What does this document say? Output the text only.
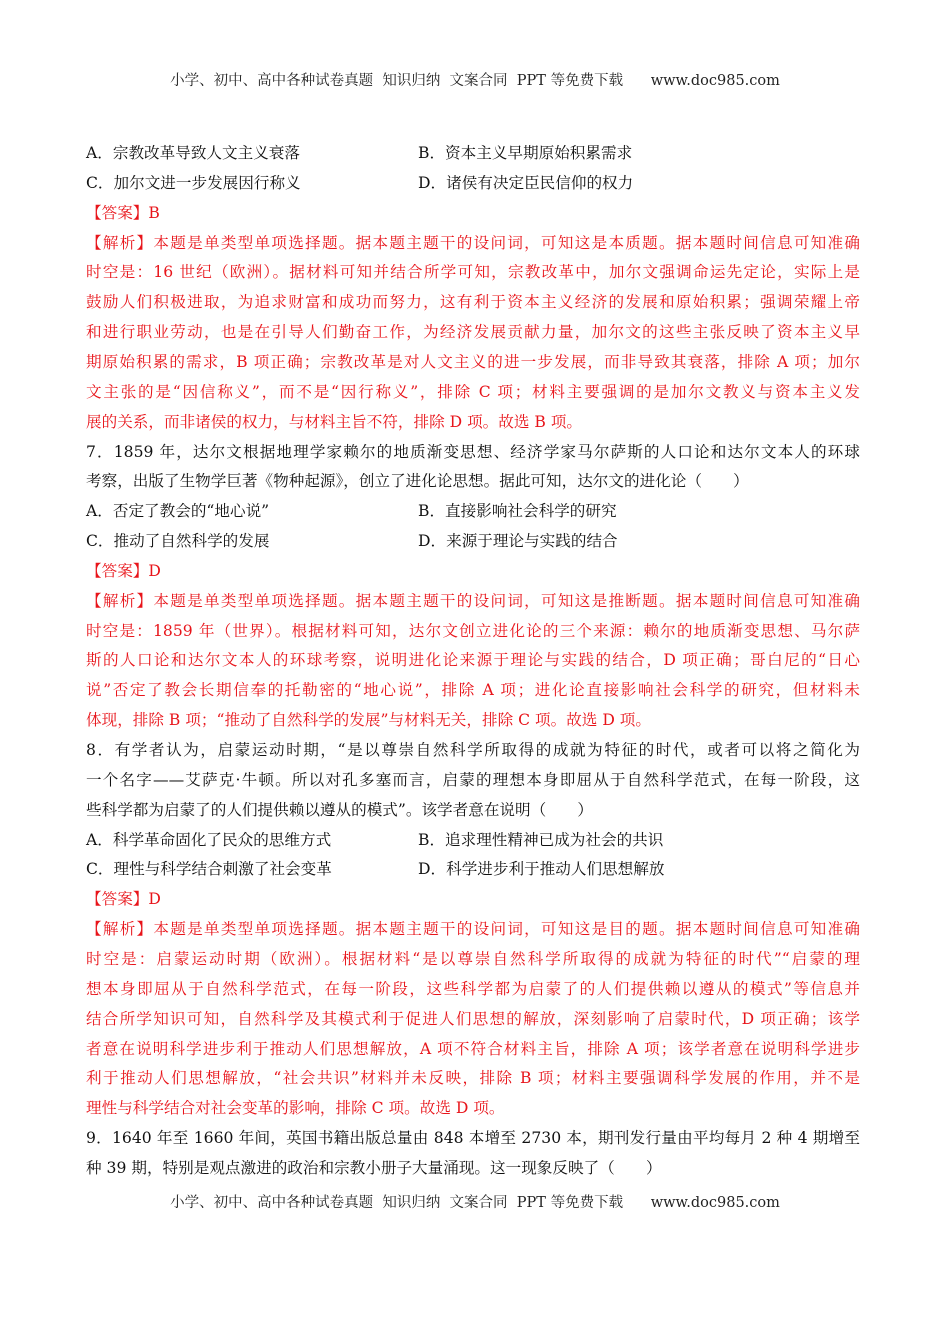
小学、初中、高中各种试卷真题  知识归纳  文案合同  PPT 等免费下载 www.doc985.com
A．宗教改革导致人文主义衰落	B．资本主义早期原始积累需求
C．加尔文进一步发展因行称义	D．诸侯有决定臣民信仰的权力
【答案】B
【解析】本题是单类型单项选择题。据本题主题干的设问词，可知这是本质题。据本题时间信息可知准确
时空是：16 世纪（欧洲）。据材料可知并结合所学可知，宗教改革中，加尔文强调命运先定论，实际上是
鼓励人们积极进取，为追求财富和成功而努力，这有利于资本主义经济的发展和原始积累；强调荣耀上帝
和进行职业劳动，也是在引导人们勤奋工作，为经济发展贡献力量，加尔文的这些主张反映了资本主义早
期原始积累的需求，B 项正确；宗教改革是对人文主义的进一步发展，而非导致其衰落，排除 A 项；加尔
文主张的是“因信称义”，而不是“因行称义”，排除 C 项；材料主要强调的是加尔文教义与资本主义发
展的关系，而非诸侯的权力，与材料主旨不符，排除 D 项。故选 B 项。
7．1859 年，达尔文根据地理学家赖尔的地质渐变思想、经济学家马尔萨斯的人口论和达尔文本人的环球
考察，出版了生物学巨著《物种起源》，创立了进化论思想。据此可知，达尔文的进化论（　　）
A．否定了教会的“地心说”	B．直接影响社会科学的研究
C．推动了自然科学的发展	D．来源于理论与实践的结合
【答案】D
【解析】本题是单类型单项选择题。据本题主题干的设问词，可知这是推断题。据本题时间信息可知准确
时空是：1859 年（世界）。根据材料可知，达尔文创立进化论的三个来源：赖尔的地质渐变思想、马尔萨
斯的人口论和达尔文本人的环球考察，说明进化论来源于理论与实践的结合，D 项正确；哥白尼的“日心
说”否定了教会长期信奉的托勒密的“地心说”，排除 A 项；进化论直接影响社会科学的研究，但材料未
体现，排除 B 项；“推动了自然科学的发展”与材料无关，排除 C 项。故选 D 项。
8．有学者认为，启蒙运动时期，“是以尊崇自然科学所取得的成就为特征的时代，或者可以将之简化为
一个名字——艾萨克·牛顿。所以对孔多塞而言，启蒙的理想本身即屈从于自然科学范式，在每一阶段，这
些科学都为启蒙了的人们提供赖以遵从的模式”。该学者意在说明（　　）
A．科学革命固化了民众的思维方式	B．追求理性精神已成为社会的共识
C．理性与科学结合刺激了社会变革	D．科学进步利于推动人们思想解放
【答案】D
【解析】本题是单类型单项选择题。据本题主题干的设问词，可知这是目的题。据本题时间信息可知准确
时空是：启蒙运动时期（欧洲）。根据材料“是以尊崇自然科学所取得的成就为特征的时代”“启蒙的理
想本身即屈从于自然科学范式，在每一阶段，这些科学都为启蒙了的人们提供赖以遵从的模式”等信息并
结合所学知识可知，自然科学及其模式利于促进人们思想的解放，深刻影响了启蒙时代，D 项正确；该学
者意在说明科学进步利于推动人们思想解放，A 项不符合材料主旨，排除 A 项；该学者意在说明科学进步
利于推动人们思想解放，“社会共识”材料并未反映，排除 B 项；材料主要强调科学发展的作用，并不是
理性与科学结合对社会变革的影响，排除 C 项。故选 D 项。
9．1640 年至 1660 年间，英国书籍出版总量由 848 本增至 2730 本，期刊发行量由平均每月 2 种 4 期增至
种 39 期，特别是观点激进的政治和宗教小册子大量涌现。这一现象反映了（　　）
小学、初中、高中各种试卷真题  知识归纳  文案合同  PPT 等免费下载 www.doc985.com
